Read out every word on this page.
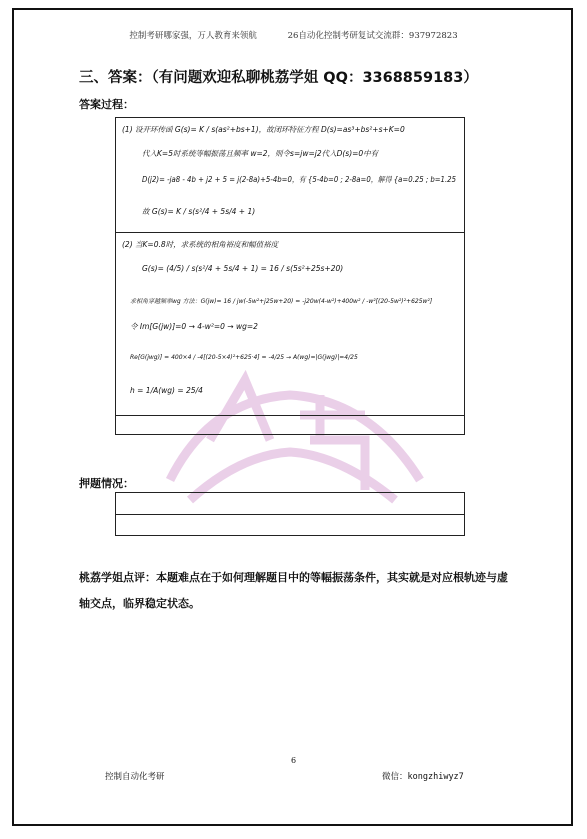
控制考研哪家强，万人教育来领航	26自动化控制考研复试交流群：937972823
三、答案：（有问题欢迎私聊桃荔学姐 QQ：3368859183）
答案过程：
(1) 设开环传函 G(s)= K / s(as²+bs+1)，故闭环特征方程 D(s)=as³+bs²+s+K=0
代入K=5时系统等幅振荡且频率 w=2，则令s=jw=j2代入D(s)=0中有
D(j2)= -ja8 - 4b + j2 + 5 = j(2-8a)+5-4b=0，有 {5-4b=0 ; 2-8a=0，解得 {a=0.25 ; b=1.25
故 G(s)= K / s(s²/4 + 5s/4 + 1)
(2) 当K=0.8时，求系统的相角裕度和幅值裕度
G(s)= (4/5) / s(s²/4 + 5s/4 + 1) = 16 / s(5s²+25s+20)
求相角穿越频率wg 方法：G(jw)= 16 / jw(-5w²+j25w+20) = -j20w(4-w²)+400w² / -w²[(20-5w²)²+625w²]
令 Im[G(jw)]=0 → 4-w²=0 → wg=2
Re[G(jwg)] = 400×4 / -4[(20-5×4)²+625·4] = -4/25 → A(wg)=|G(jwg)|=4/25
h = 1/A(wg) = 25/4
押题情况：
桃荔学姐点评：本题难点在于如何理解题目中的等幅振荡条件，其实就是对应根轨迹与虚轴交点，临界稳定状态。
6
控制自动化考研	微信：kongzhiwyz7
